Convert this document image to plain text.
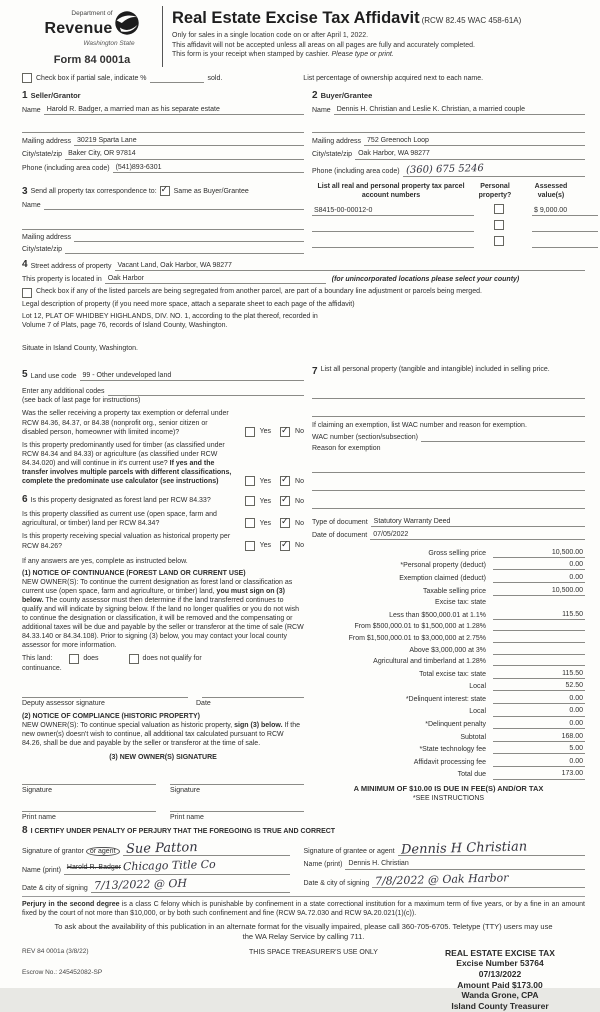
Department of
Revenue
Washington State
Form 84 0001a
Real Estate Excise Tax Affidavit (RCW 82.45 WAC 458-61A)
Only for sales in a single location code on or after April 1, 2022.
This affidavit will not be accepted unless all areas on all pages are fully and accurately completed.
This form is your receipt when stamped by cashier. Please type or print.
Check box if partial sale, indicate %	sold.	List percentage of ownership acquired next to each name.
1 Seller/Grantor
Name Harold R. Badger, a married man as his separate estate
Mailing address 30219 Sparta Lane
City/state/zip Baker City, OR 97814
Phone (including area code) (541)893-6301
2 Buyer/Grantee
Name Dennis H. Christian and Leslie K. Christian, a married couple
Mailing address 752 Greenoch Loop
City/state/zip Oak Harbor, WA 98277
Phone (including area code) (360) 675 5246
3 Send all property tax correspondence to: ✓ Same as Buyer/Grantee
Name
Mailing address
City/state/zip
List all real and personal property tax parcel account numbers
Personal
property?
Assessed
value(s)
S8415-00-00012-0	$ 9,000.00
4 Street address of property Vacant Land, Oak Harbor, WA 98277
This property is located in Oak Harbor	(for unincorporated locations please select your county)
Check box if any of the listed parcels are being segregated from another parcel, are part of a boundary line adjustment or parcels being merged.
Legal description of property (if you need more space, attach a separate sheet to each page of the affidavit)
Lot 12, PLAT OF WHIDBEY HIGHLANDS, DIV. NO. 1, according to the plat thereof, recorded in
Volume 7 of Plats, page 76, records of Island County, Washington.
Situate in Island County, Washington.
5 Land use code 99 - Other undeveloped land
Enter any additional codes
(see back of last page for instructions)
Was the seller receiving a property tax exemption or deferral under RCW 84.36, 84.37, or 84.38 (nonprofit org., senior citizen or disabled person, homeowner with limited income)?	Yes ✓ No
Is this property predominantly used for timber (as classified under RCW 84.34 and 84.33) or agriculture (as classified under RCW 84.34.020) and will continue in it's current use? If yes and the transfer involves multiple parcels with different classifications, complete the predominate use calculator (see instructions)	Yes ✓ No
6 Is this property designated as forest land per RCW 84.33?	Yes ✓ No
Is this property classified as current use (open space, farm and agricultural, or timber) land per RCW 84.34?	Yes ✓ No
Is this property receiving special valuation as historical property per RCW 84.26?	Yes ✓ No
If any answers are yes, complete as instructed below.
(1) NOTICE OF CONTINUANCE (FOREST LAND OR CURRENT USE)
NEW OWNER(S): To continue the current designation as forest land or classification as current use (open space, farm and agriculture, or timber) land, you must sign on (3) below. The county assessor must then determine if the land transferred continues to qualify and will indicate by signing below. If the land no longer qualifies or you do not wish to continue the designation or classification, it will be removed and the compensating or additional taxes will be due and payable by the seller or transferor at the time of sale (RCW 84.33.140 or 84.34.108). Prior to signing (3) below, you may contact your local county assessor for more information.
This land:	does	does not qualify for
continuance.
Deputy assessor signature	Date
(2) NOTICE OF COMPLIANCE (HISTORIC PROPERTY)
NEW OWNER(S): To continue special valuation as historic property, sign (3) below. If the new owner(s) doesn't wish to continue, all additional tax calculated pursuant to RCW 84.26, shall be due and payable by the seller or transferor at the time of sale.
(3) NEW OWNER(S) SIGNATURE
Signature	Signature
Print name	Print name
7 List all personal property (tangible and intangible) included in selling price.
If claiming an exemption, list WAC number and reason for exemption.
WAC number (section/subsection)
Reason for exemption
Type of document Statutory Warranty Deed
Date of document 07/05/2022
Gross selling price	10,500.00
*Personal property (deduct)	0.00
Exemption claimed (deduct)	0.00
Taxable selling price	10,500.00
Excise tax: state
Less than $500,000.01 at 1.1%	115.50
From $500,000.01 to $1,500,000 at 1.28%
From $1,500,000.01 to $3,000,000 at 2.75%
Above $3,000,000 at 3%
Agricultural and timberland at 1.28%
Total excise tax: state	115.50
Local	52.50
*Delinquent interest: state	0.00
Local	0.00
*Delinquent penalty	0.00
Subtotal	168.00
*State technology fee	5.00
Affidavit processing fee	0.00
Total due	173.00
A MINIMUM OF $10.00 IS DUE IN FEE(S) AND/OR TAX
*SEE INSTRUCTIONS
8 I CERTIFY UNDER PENALTY OF PERJURY THAT THE FOREGOING IS TRUE AND CORRECT
Signature of grantor or agent Sue Patton
Name (print) Harold R. Badger Chicago Title Co
Date & city of signing 7/13/2022 @ OH
Signature of grantee or agent Dennis H Christian
Name (print) Dennis H. Christian
Date & city of signing 7/8/2022 @ Oak Harbor
Perjury in the second degree is a class C felony which is punishable by confinement in a state correctional institution for a maximum term of five years, or by a fine in an amount fixed by the court of not more than $10,000, or by both such confinement and fine (RCW 9A.72.030 and RCW 9A.20.021(1)(c)).
To ask about the availability of this publication in an alternate format for the visually impaired, please call 360-705-6705. Teletype (TTY) users may use the WA Relay Service by calling 711.
REV 84 0001a (3/8/22)
Escrow No.: 245452082-SP
THIS SPACE TREASURER'S USE ONLY	REAL ESTATE EXCISE TAX
Excise Number 53764
07/13/2022
Amount Paid $173.00
Wanda Grone, CPA
Island County Treasurer
